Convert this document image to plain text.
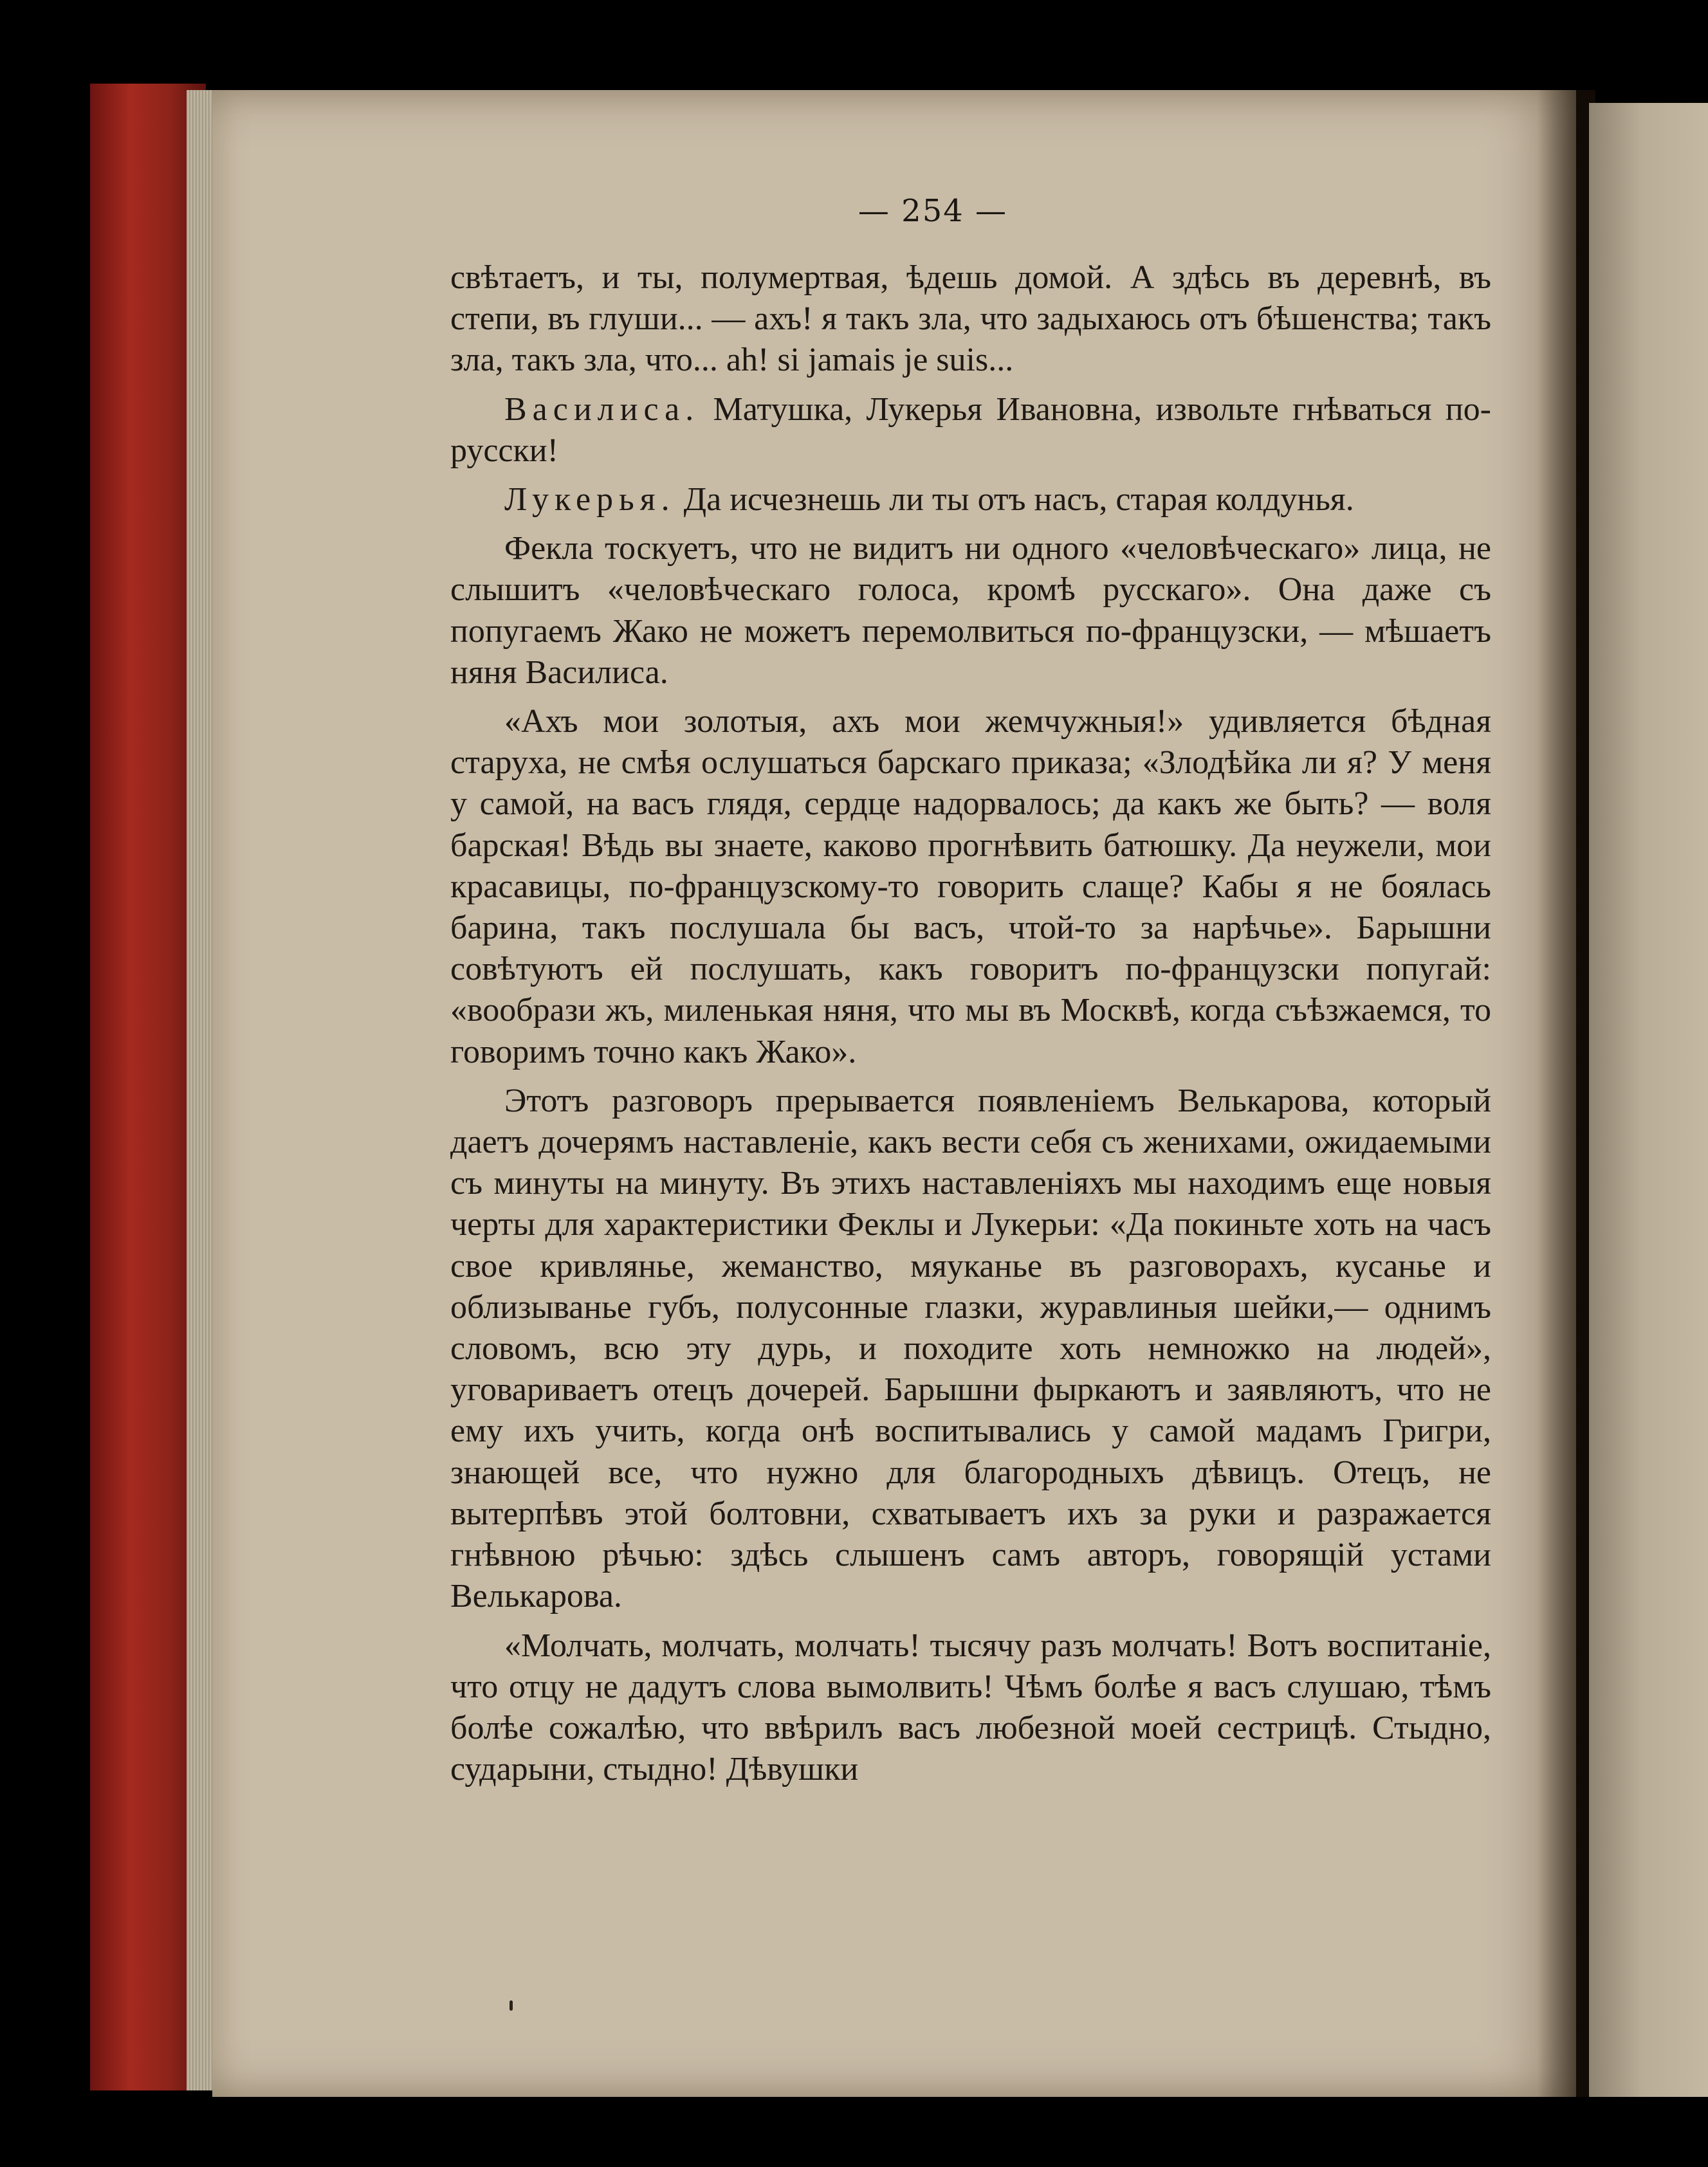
— 254 —

свѣтаетъ, и ты, полумертвая, ѣдешь домой. А здѣсь въ деревнѣ, въ степи, въ глуши... — ахъ! я такъ зла, что задыхаюсь отъ бѣшенства; такъ зла, такъ зла, что... ah! si jamais je suis...

Василиса. Матушка, Лукерья Ивановна, извольте гнѣваться по-русски!

Лукерья. Да исчезнешь ли ты отъ насъ, старая колдунья.

Фекла тоскуетъ, что не видитъ ни одного «человѣческаго» лица, не слышитъ «человѣческаго голоса, кромѣ русскаго». Она даже съ попугаемъ Жако не можетъ перемолвиться по-французски, — мѣшаетъ няня Василиса.

«Ахъ мои золотыя, ахъ мои жемчужныя!» удивляется бѣдная старуха, не смѣя ослушаться барскаго приказа; «Злодѣйка ли я? У меня у самой, на васъ глядя, сердце надорвалось; да какъ же быть? — воля барская! Вѣдь вы знаете, каково прогнѣвить батюшку. Да неужели, мои красавицы, по-французскому-то говорить слаще? Кабы я не боялась барина, такъ послушала бы васъ, чтой-то за нарѣчье». Барышни совѣтуютъ ей послушать, какъ говоритъ по-французски попугай: «вообрази жъ, миленькая няня, что мы въ Москвѣ, когда съѣзжаемся, то говоримъ точно какъ Жако».

Этотъ разговоръ прерывается появленіемъ Велькарова, который даетъ дочерямъ наставленіе, какъ вести себя съ женихами, ожидаемыми съ минуты на минуту. Въ этихъ наставленіяхъ мы находимъ еще новыя черты для характеристики Феклы и Лукерьи: «Да покиньте хоть на часъ свое кривлянье, жеманство, мяуканье въ разговорахъ, кусанье и облизыванье губъ, полусонные глазки, журавлиныя шейки,— однимъ словомъ, всю эту дурь, и походите хоть немножко на людей», уговариваетъ отецъ дочерей. Барышни фыркаютъ и заявляютъ, что не ему ихъ учить, когда онѣ воспитывались у самой мадамъ Григри, знающей все, что нужно для благородныхъ дѣвицъ. Отецъ, не вытерпѣвъ этой болтовни, схватываетъ ихъ за руки и разражается гнѣвною рѣчью: здѣсь слышенъ самъ авторъ, говорящій устами Велькарова.

«Молчать, молчать, молчать! тысячу разъ молчать! Вотъ воспитаніе, что отцу не дадутъ слова вымолвить! Чѣмъ болѣе я васъ слушаю, тѣмъ болѣе сожалѣю, что ввѣрилъ васъ любезной моей сестрицѣ. Стыдно, сударыни, стыдно! Дѣвушки
